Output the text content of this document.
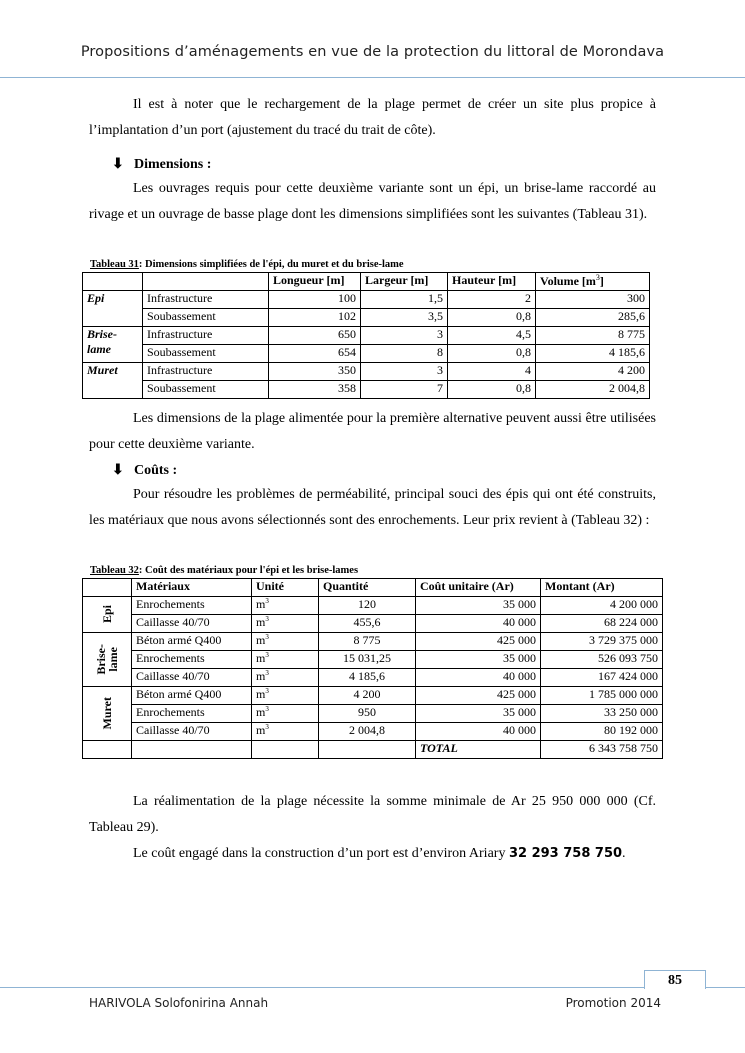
Propositions d’aménagements en vue de la protection du littoral de Morondava
Il est à noter que le rechargement de la plage permet de créer un site plus propice à l’implantation d’un port (ajustement du tracé du trait de côte).
⬇ Dimensions :
Les ouvrages requis pour cette deuxième variante sont un épi, un brise-lame raccordé au rivage et un ouvrage de basse plage dont les dimensions simplifiées sont les suivantes (Tableau 31).
Tableau 31: Dimensions simplifiées de l'épi, du muret et du brise-lame
		Longueur [m]	Largeur [m]	Hauteur [m]	Volume $[m^3]$
Epi	Infrastructure	100	1,5	2	300
	Soubassement	102	3,5	0,8	285,6
Brise-lame	Infrastructure	650	3	4,5	8 775
	Soubassement	654	8	0,8	4 185,6
Muret	Infrastructure	350	3	4	4 200
	Soubassement	358	7	0,8	2 004,8
Les dimensions de la plage alimentée pour la première alternative peuvent aussi être utilisées pour cette deuxième variante.
⬇ Coûts :
Pour résoudre les problèmes de perméabilité, principal souci des épis qui ont été construits, les matériaux que nous avons sélectionnés sont des enrochements. Leur prix revient à (Tableau 32) :
Tableau 32: Coût des matériaux pour l'épi et les brise-lames
	Matériaux	Unité	Quantité	Coût unitaire (Ar)	Montant (Ar)

Epi	Enrochements	$m^3$	120	35 000	4 200 000
	Caillasse 40/70	$m^3$	455,6	40 000	68 224 000

Brise-
lame	Béton armé Q400	$m^3$	8 775	425 000	3 729 375 000
	Enrochements	$m^3$	15 031,25	35 000	526 093 750
	Caillasse 40/70	$m^3$	4 185,6	40 000	167 424 000

Muret	Béton armé Q400	$m^3$	4 200	425 000	1 785 000 000
	Enrochements	$m^3$	950	35 000	33 250 000
	Caillasse 40/70	$m^3$	2 004,8	40 000	80 192 000
				TOTAL	6 343 758 750
La réalimentation de la plage nécessite la somme minimale de Ar 25 950 000 000 (Cf. Tableau 29).
Le coût engagé dans la construction d’un port est d’environ Ariary 32 293 758 750.
85
HARIVOLA Solofonirina Annah	Promotion 2014
